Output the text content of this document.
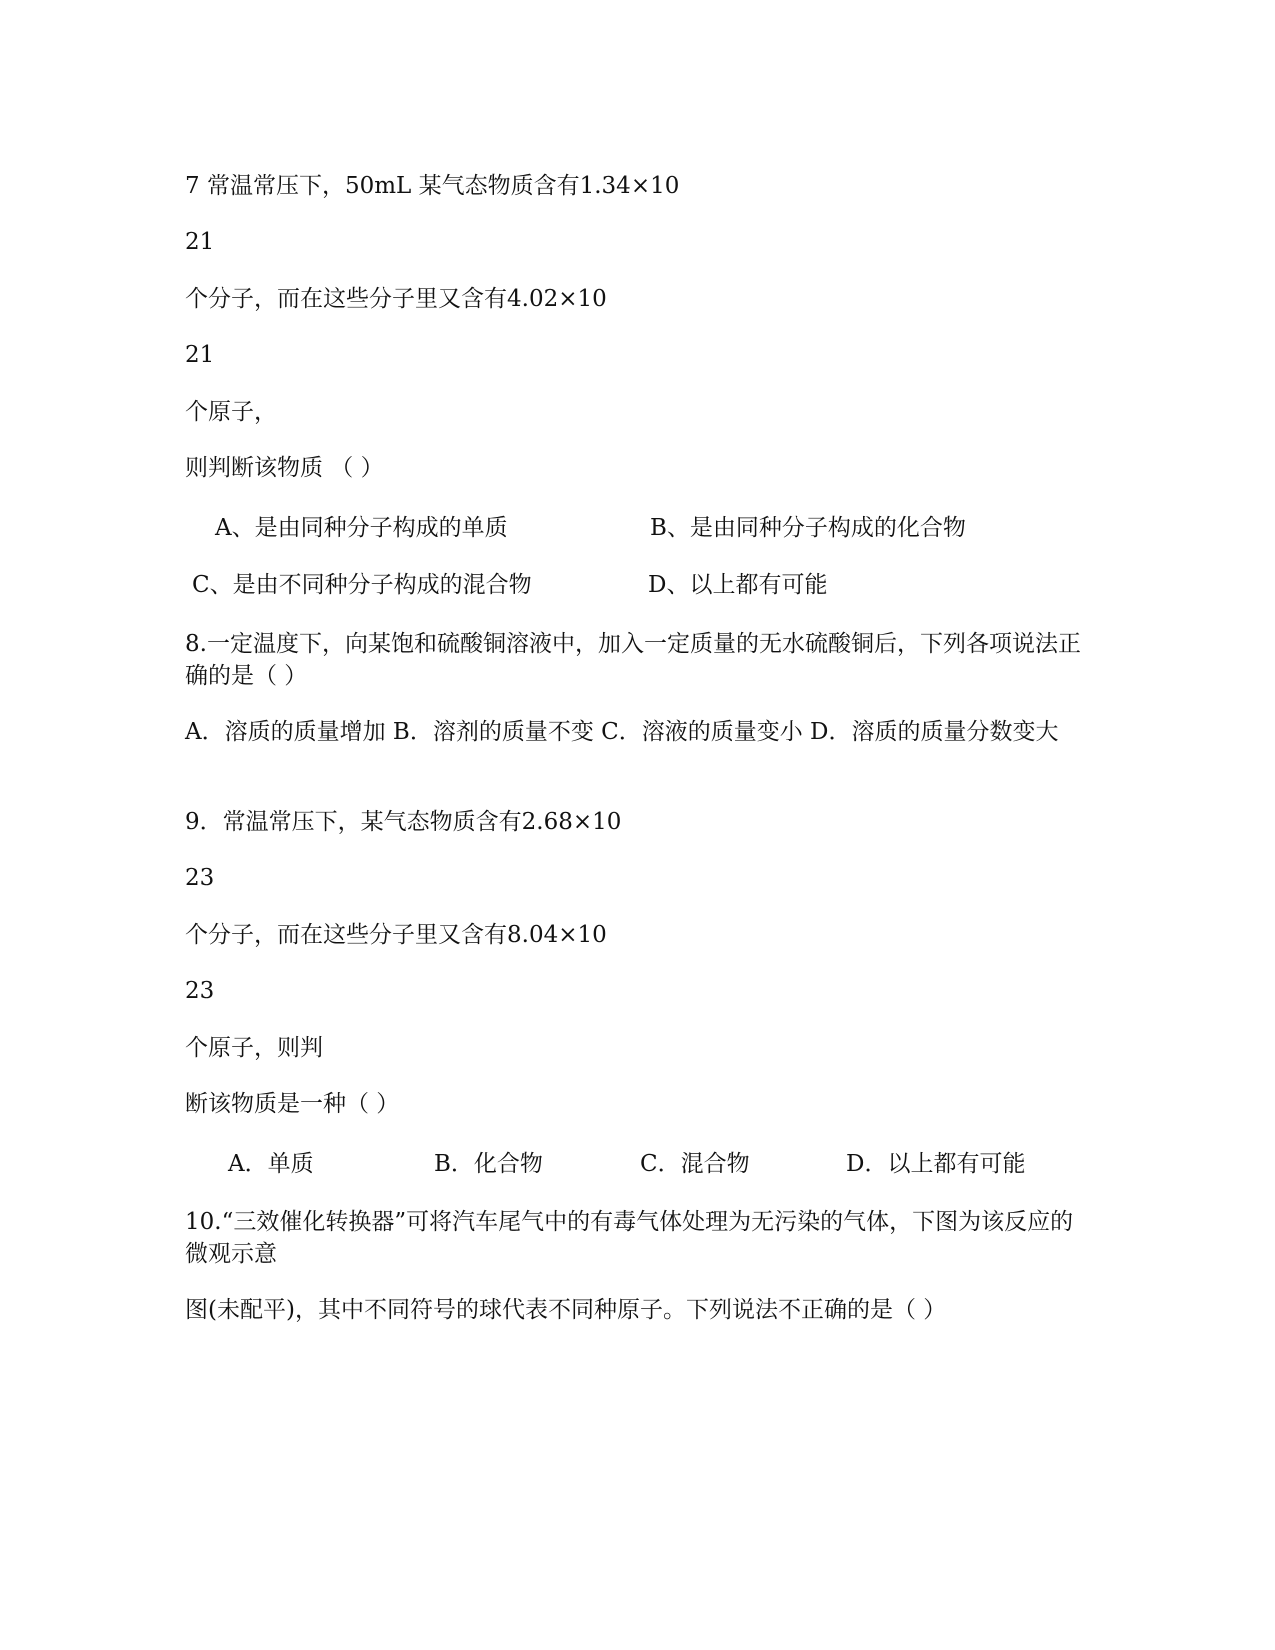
7 常温常压下，50mL 某气态物质含有1.34×10
21
个分子，而在这些分子里又含有4.02×10
21
个原子，
则判断该物质 （ ）
A、是由同种分子构成的单质	B、是由同种分子构成的化合物
C、是由不同种分子构成的混合物	D、以上都有可能
8.一定温度下，向某饱和硫酸铜溶液中，加入一定质量的无水硫酸铜后，下列各项说法正确的是（ ）
A．溶质的质量增加 B．溶剂的质量不变 C．溶液的质量变小 D．溶质的质量分数变大
9．常温常压下，某气态物质含有2.68×10
23
个分子，而在这些分子里又含有8.04×10
23
个原子，则判
断该物质是一种（ ）
A．单质	B．化合物	C．混合物	D．以上都有可能
10.“三效催化转换器”可将汽车尾气中的有毒气体处理为无污染的气体，下图为该反应的微观示意
图(未配平)，其中不同符号的球代表不同种原子。下列说法不正确的是（ ）
